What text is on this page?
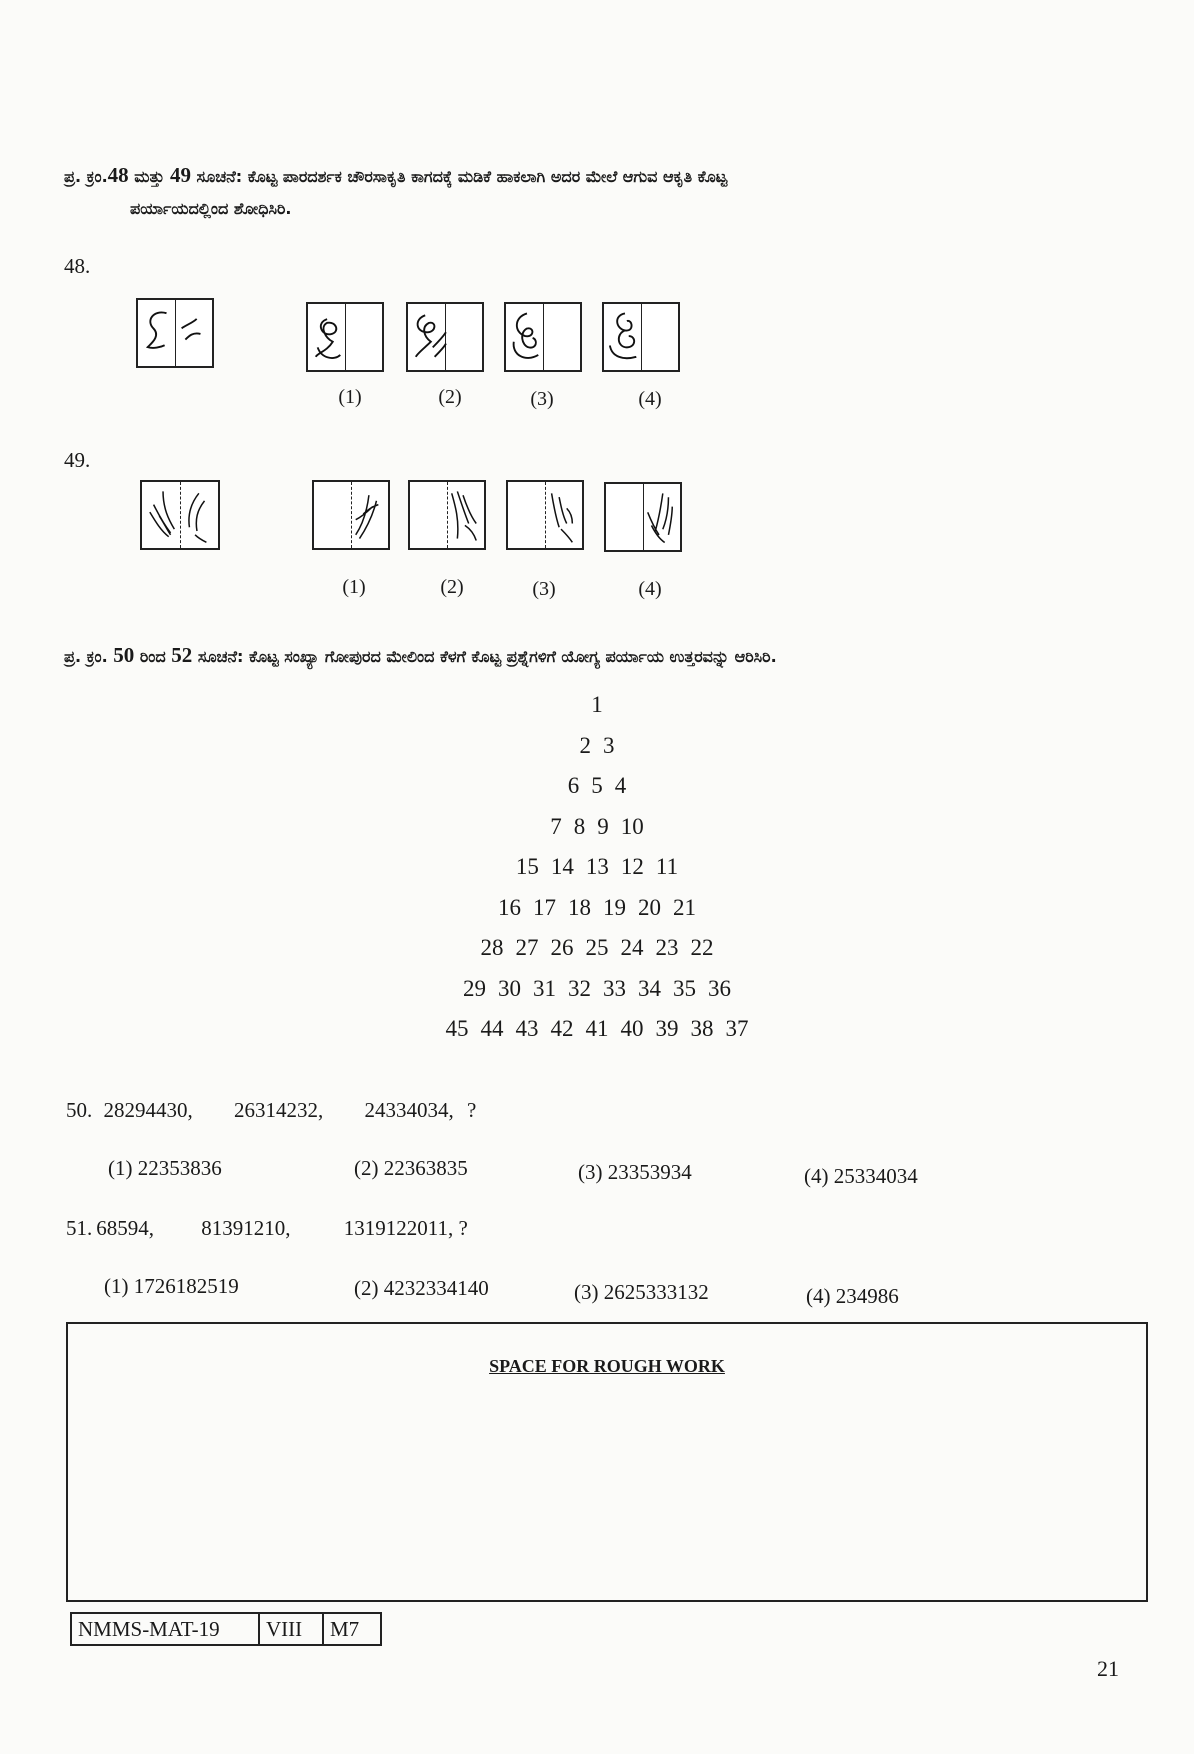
ಪ್ರ. ಕ್ರಂ.48 ಮತ್ತು 49 ಸೂಚನೆ: ಕೊಟ್ಟ ಪಾರದರ್ಶಕ ಚೌರಸಾಕೃತಿ ಕಾಗದಕ್ಕೆ ಮಡಿಕೆ ಹಾಕಲಾಗಿ ಅದರ ಮೇಲೆ ಆಗುವ ಆಕೃತಿ ಕೊಟ್ಟ
ಪರ್ಯಾಯದಲ್ಲಿಂದ ಶೋಧಿಸಿರಿ.
48.
(1)	(2)	(3)	(4)
49.
(1)	(2)	(3)	(4)
ಪ್ರ. ಕ್ರಂ. 50 ರಿಂದ 52 ಸೂಚನೆ: ಕೊಟ್ಟ ಸಂಖ್ಯಾ ಗೋಪುರದ ಮೇಲಿಂದ ಕೆಳಗೆ ಕೊಟ್ಟ ಪ್ರಶ್ನೆಗಳಿಗೆ ಯೋಗ್ಯ ಪರ್ಯಾಯ ಉತ್ತರವನ್ನು ಆರಿಸಿರಿ.
1
2 3
6 5 4
7 8 9 10
15 14 13 12 11
16 17 18 19 20 21
28 27 26 25 24 23 22
29 30 31 32 33 34 35 36
45 44 43 42 41 40 39 38 37
50. 28294430, 26314232, 24334034, ?
(1) 22353836	(2) 22363835	(3) 23353934	(4) 25334034
51. 68594, 81391210,	1319122011, ?
(1) 1726182519	(2) 4232334140	(3) 2625333132	(4) 234986
SPACE FOR ROUGH WORK
NMMS-MAT-19	VIII	M7
21
